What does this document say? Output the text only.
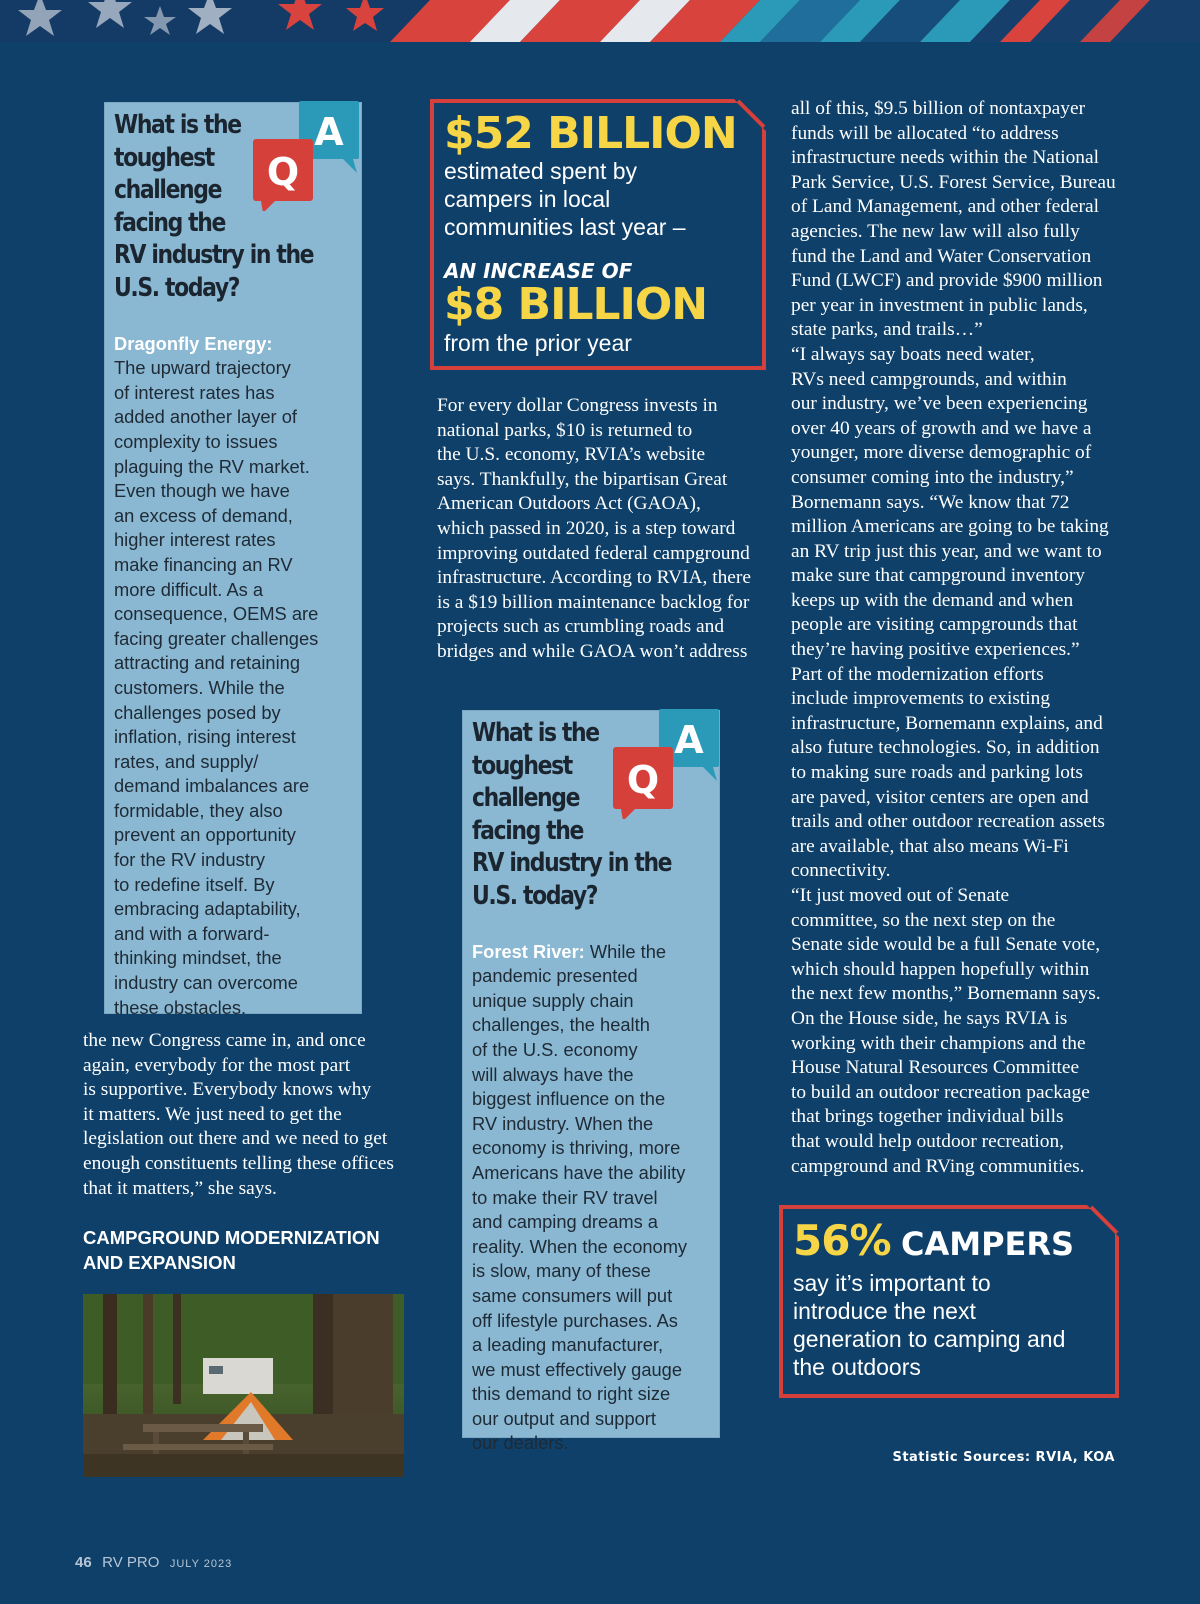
What is the
toughest
challenge
facing the
RV industry in the
U.S. today?

Dragonfly Energy:

The upward trajectory
of interest rates has
added another layer of
complexity to issues
plaguing the RV market.
Even though we have
an excess of demand,
higher interest rates
make financing an RV
more difficult. As a
consequence, OEMS are
facing greater challenges
attracting and retaining
customers. While the
challenges posed by
inflation, rising interest
rates, and supply/
demand imbalances are
formidable, they also
prevent an opportunity
for the RV industry
to redefine itself. By
embracing adaptability,
and with a forward-
thinking mindset, the
industry can overcome
these obstacles.

A
Q
$52 BILLION
estimated spent by
campers in local
communities last year –
AN INCREASE OF
$8 BILLION
from the prior year
For every dollar Congress invests in
national parks, $10 is returned to
the U.S. economy, RVIA’s website
says. Thankfully, the bipartisan Great
American Outdoors Act (GAOA),
which passed in 2020, is a step toward
improving outdated federal campground
infrastructure. According to RVIA, there
is a $19 billion maintenance backlog for
projects such as crumbling roads and
bridges and while GAOA won’t address
What is the
toughest
challenge
facing the
RV industry in the
U.S. today?

Forest River: While the

pandemic presented
unique supply chain
challenges, the health
of the U.S. economy
will always have the
biggest influence on the
RV industry. When the
economy is thriving, more
Americans have the ability
to make their RV travel
and camping dreams a
reality. When the economy
is slow, many of these
same consumers will put
off lifestyle purchases. As
a leading manufacturer,
we must effectively gauge
this demand to right size
our output and support
our dealers.

A
Q
the new Congress came in, and once
again, everybody for the most part
is supportive. Everybody knows why
it matters. We just need to get the
legislation out there and we need to get
enough constituents telling these offices
that it matters,” she says.
CAMPGROUND MODERNIZATION
AND EXPANSION
all of this, $9.5 billion of nontaxpayer
funds will be allocated “to address
infrastructure needs within the National
Park Service, U.S. Forest Service, Bureau
of Land Management, and other federal
agencies. The new law will also fully
fund the Land and Water Conservation
Fund (LWCF) and provide $900 million
per year in investment in public lands,
state parks, and trails…”
“I always say boats need water,
RVs need campgrounds, and within
our industry, we’ve been experiencing
over 40 years of growth and we have a
younger, more diverse demographic of
consumer coming into the industry,”
Bornemann says. “We know that 72
million Americans are going to be taking
an RV trip just this year, and we want to
make sure that campground inventory
keeps up with the demand and when
people are visiting campgrounds that
they’re having positive experiences.”
Part of the modernization efforts
include improvements to existing
infrastructure, Bornemann explains, and
also future technologies. So, in addition
to making sure roads and parking lots
are paved, visitor centers are open and
trails and other outdoor recreation assets
are available, that also means Wi-Fi
connectivity.
“It just moved out of Senate
committee, so the next step on the
Senate side would be a full Senate vote,
which should happen hopefully within
the next few months,” Bornemann says.
On the House side, he says RVIA is
working with their champions and the
House Natural Resources Committee
to build an outdoor recreation package
that brings together individual bills
that would help outdoor recreation,
campground and RVing communities.
56% CAMPERS
say it’s important to
introduce the next
generation to camping and
the outdoors
Statistic Sources: RVIA, KOA
46 RV PRO JULY 2023
